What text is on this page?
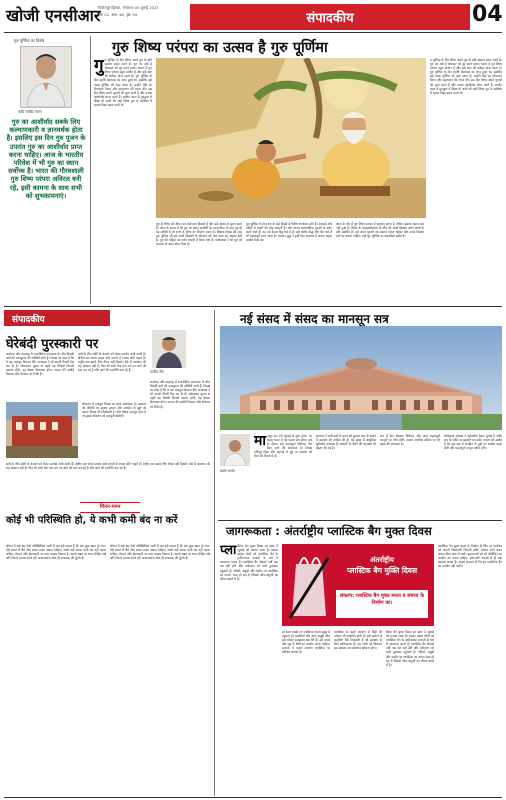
खोजी एनसीआर
फिरोजपुर झिरका, मंगलवार 04 जुलाई 2023
वर्ष: 01, अंक: 48, पृष्ठ: 04	संपादकीय	04
गुरु पूर्णिमा पर विशेष
कवि राजीव नारंग
गुरु का आशीर्वाद सबके लिए कल्याणकारी व ज्ञानवर्धक होता है। इसलिए इस दिन गुरु पूजन के उपरांत गुरु का आशीर्वाद प्राप्त करना चाहिए। आज के भारतीय परिवेश में भी गुरु का स्थान सर्वोच्च है। भारत की गौरवशाली गुरु शिष्य परंपरा अविरल बनी रहे, इसी कामना के साथ सभी को शुभकामनाएं।
गुरु शिष्य परंपरा का उत्सव है गुरु पूर्णिमा
गु रु पूर्णिमा के दिन शिष्य अपने गुरु के प्रति सम्मान प्रकट करते हैं। गुरु का अर्थ है अंधकार को दूर करने वाला। भारत में गुरु शिष्य परंपरा बहुत प्राचीन है और इसे ज्ञान की धरोहर माना जाता है। गुरु पूर्णिमा के दिन महर्षि वेदव्यास का जन्म हुआ था, इसलिए इसे व्यास पूर्णिमा भी कहा जाता है। उन्होंने वेदों का विभाजन किया और महाभारत की रचना की। इस दिन शिष्य अपने गुरुओं की पूजा करते हैं और उनका आशीर्वाद प्राप्त करते हैं। प्राचीन काल में गुरुकुल में शिक्षा दी जाती थी जहाँ शिष्य गुरु के सान्निध्य में रहकर विद्या ग्रहण करते थे।
गुरु ही शिष्य को जीवन का सही मार्ग दिखाते हैं और उसे अज्ञान से मुक्त करते हैं। आज के समय में भी गुरु का स्थान सर्वोपरि है। माता-पिता के बाद गुरु ही वह व्यक्ति है जो बच्चे के चरित्र का निर्माण करता है। शिक्षक दिवस की तरह गुरु पूर्णिमा भी हमें अपने शिक्षकों के योगदान को याद करने का अवसर देती है। गुरु की महिमा का वर्णन शास्त्रों में किया गया है। कबीरदास ने भी गुरु को भगवान से ऊपर स्थान दिया है।
गुरु पूर्णिमा के दिन देश के कई हिस्सों में विशेष आयोजन होते हैं। आश्रमों और मंदिरों में भक्तों की भीड़ उमड़ती है। लोग अपने आध्यात्मिक गुरुओं के दर्शन करने जाते हैं। यह पर्व केवल हिंदू धर्म में ही नहीं बल्कि बौद्ध और जैन धर्म में भी महत्वपूर्ण माना जाता है। भगवान बुद्ध ने इसी दिन सारनाथ में अपना पहला उपदेश दिया था।
आज के दौर में गुरु शिष्य परंपरा में बदलाव आया है, लेकिन इसका महत्व कम नहीं हुआ है। शिक्षा के व्यवसायीकरण के बीच भी अच्छे शिक्षक अपने छात्रों के प्रति समर्पित हैं। हमें अपने गुरुओं का सम्मान करना चाहिए और उनके दिखाए मार्ग पर चलना चाहिए। यही गुरु पूर्णिमा का वास्तविक संदेश है।
रु पूर्णिमा के दिन शिष्य अपने गुरु के प्रति सम्मान प्रकट करते हैं। गुरु का अर्थ है अंधकार को दूर करने वाला। भारत में गुरु शिष्य परंपरा बहुत प्राचीन है और इसे ज्ञान की धरोहर माना जाता है। गुरु पूर्णिमा के दिन महर्षि वेदव्यास का जन्म हुआ था, इसलिए इसे व्यास पूर्णिमा भी कहा जाता है। उन्होंने वेदों का विभाजन किया और महाभारत की रचना की। इस दिन शिष्य अपने गुरुओं की पूजा करते हैं और उनका आशीर्वाद प्राप्त करते हैं। प्राचीन काल में गुरुकुल में शिक्षा दी जाती थी जहाँ शिष्य गुरु के सान्निध्य में रहकर विद्या ग्रहण करते थे।
संपादकीय
घेरेबंदी पुरस्कारी पर
राजीव जैन
कर्नाटक और महाराष्ट्र में राजनीतिक उठापटक के बीच विपक्षी दलों की एकजुटता की कोशिशें जारी हैं। विपक्ष का दावा है कि वे एक मजबूत विकल्प देंगे। सत्तापक्ष ने भी अपनी तैयारी तेज कर दी है। लोकसभा चुनाव से पहले यह घेरेबंदी कितनी कारगर होगी, यह देखना दिलचस्प होगा। जनता की उम्मीदें विकास और रोजगार पर टिकी हैं।
दलों के बीच सीटों के बंटवारे को लेकर मतभेद अभी बाकी हैं। क्षेत्रीय दल अपने प्रभाव वाले राज्यों में ज्यादा सीटें चाहते हैं। राष्ट्रीय दल इसके लिए तैयार नहीं दिखते। ऐसे में गठबंधन की राह आसान नहीं है। फिर भी सभी नेता एक मंच पर आने की बात कर रहे हैं और आगे की रणनीति बना रहे हैं।
लोकतंत्र में मजबूत विपक्ष का होना आवश्यक है। सरकार की नीतियों पर सवाल उठाना और जनहित के मुद्दों को उठाना विपक्ष की जिम्मेदारी है। यदि विपक्ष एकजुट होता है तो इससे लोकतंत्र को मजबूती मिलेगी।
कर्नाटक और महाराष्ट्र में राजनीतिक उठापटक के बीच विपक्षी दलों की एकजुटता की कोशिशें जारी हैं। विपक्ष का दावा है कि वे एक मजबूत विकल्प देंगे। सत्तापक्ष ने भी अपनी तैयारी तेज कर दी है। लोकसभा चुनाव से पहले यह घेरेबंदी कितनी कारगर होगी, यह देखना दिलचस्प होगा। जनता की उम्मीदें विकास और रोजगार पर टिकी हैं।
दलों के बीच सीटों के बंटवारे को लेकर मतभेद अभी बाकी हैं। क्षेत्रीय दल अपने प्रभाव वाले राज्यों में ज्यादा सीटें चाहते हैं। राष्ट्रीय दल इसके लिए तैयार नहीं दिखते। ऐसे में गठबंधन की राह आसान नहीं है। फिर भी सभी नेता एक मंच पर आने की बात कर रहे हैं और आगे की रणनीति बना रहे हैं।
चिंतन-मनन
कोई भी परिस्थिति हो, ये कभी कमी बंद ना करें
जीवन में कई बार ऐसी परिस्थितियाँ आती हैं जब हमें लगता है कि सब कुछ खत्म हो गया। ऐसे समय में धैर्य और संयम बनाए रखना चाहिए। अच्छे कर्म करना कभी बंद नहीं करना चाहिए। मेहनत और ईमानदारी का फल अवश्य मिलता है। अपने लक्ष्य पर ध्यान केंद्रित रखें और निरंतर प्रयास करते रहें। सकारात्मक सोच ही सफलता की कुंजी है।
जीवन में कई बार ऐसी परिस्थितियाँ आती हैं जब हमें लगता है कि सब कुछ खत्म हो गया। ऐसे समय में धैर्य और संयम बनाए रखना चाहिए। अच्छे कर्म करना कभी बंद नहीं करना चाहिए। मेहनत और ईमानदारी का फल अवश्य मिलता है। अपने लक्ष्य पर ध्यान केंद्रित रखें और निरंतर प्रयास करते रहें। सकारात्मक सोच ही सफलता की कुंजी है।
नई संसद में संसद का मानसून सत्र
प्रमोद भार्गव
मा नसून सत्र 20 जुलाई से शुरू होगा। नए संसद भवन में यह पहला सत्र होगा। सत्र के दौरान कई महत्वपूर्ण विधेयक पेश किए जाने की संभावना है। विपक्ष मणिपुर हिंसा और महंगाई के मुद्दे पर सरकार को घेरने की तैयारी में है।
सरकार ने सभी दलों से सदन को सुचारू रूप से चलाने में सहयोग की अपील की है। नई संसद में आधुनिक सुविधाएँ उपलब्ध हैं। सांसदों के बैठने की व्यवस्था भी बेहतर की गई है।
सत्र में डेटा संरक्षण विधेयक और अन्य महत्वपूर्ण कानूनों पर चर्चा होगी। समान नागरिक संहिता पर भी बहस की संभावना है।
लोकसभा अध्यक्ष ने सर्वदलीय बैठक बुलाई है ताकि सत्र के एजेंडे पर सहमति बन सके। जनता को उम्मीद है कि इस सत्र में जनहित के मुद्दों पर सार्थक बहस होगी और महत्वपूर्ण कानून पारित होंगे।
जागरूकता : अंतर्राष्ट्रीय प्लास्टिक बैग मुक्त दिवस
प्ला स्टिक बैग मुक्त दिवस हर साल 3 जुलाई को मनाया जाता है। इसका उद्देश्य लोगों को प्लास्टिक बैग के हानिकारक प्रभावों के बारे में जागरूक करना है। प्लास्टिक बैग सैकड़ों वर्षों तक नष्ट नहीं होते और पर्यावरण को भारी नुकसान पहुंचाते हैं। नदियों, समुद्रों और जमीन पर प्लास्टिक का कचरा जमा हो रहा है जिससे जीव-जंतुओं का जीवन खतरे में है।
अंतर्राष्ट्रीय
प्लास्टिक बैग मुक्ति दिवस
संकल्प: प्लास्टिक बैग मुक्त भारत व समाज के निर्माण का।
हर साल लाखों टन प्लास्टिक कचरा समुद्र में पहुंचता है। मछलियाँ और अन्य समुद्री जीव इसे भोजन समझकर खा लेते हैं। हमें कपड़े और जूट के थैलों का उपयोग करना चाहिए। सरकार ने एकल उपयोग प्लास्टिक पर प्रतिबंध लगाया है।
प्लास्टिक के बढ़ते उपयोग से मिट्टी की उर्वरता भी प्रभावित होती है। इसे जलाने से जहरीली गैसें निकलती हैं जो स्वास्थ्य के लिए हानिकारक हैं। हम सभी को मिलकर इस समस्या का समाधान खोजना होगा।
स्टिक बैग मुक्त दिवस हर साल 3 जुलाई को मनाया जाता है। इसका उद्देश्य लोगों को प्लास्टिक बैग के हानिकारक प्रभावों के बारे में जागरूक करना है। प्लास्टिक बैग सैकड़ों वर्षों तक नष्ट नहीं होते और पर्यावरण को भारी नुकसान पहुंचाते हैं। नदियों, समुद्रों और जमीन पर प्लास्टिक का कचरा जमा हो रहा है जिससे जीव-जंतुओं का जीवन खतरे में है।
प्लास्टिक बैग मुक्त भारत के निर्माण के लिए हर नागरिक को अपनी जिम्मेदारी निभानी होगी। बाजार जाते समय अपना थैला साथ ले जाएँ। दुकानदारों को भी पॉलीथिन का उपयोग बंद करना चाहिए। छोटे-छोटे प्रयासों से ही बड़ा बदलाव संभव है। आइए संकल्प लें कि हम प्लास्टिक बैग का उपयोग नहीं करेंगे।
